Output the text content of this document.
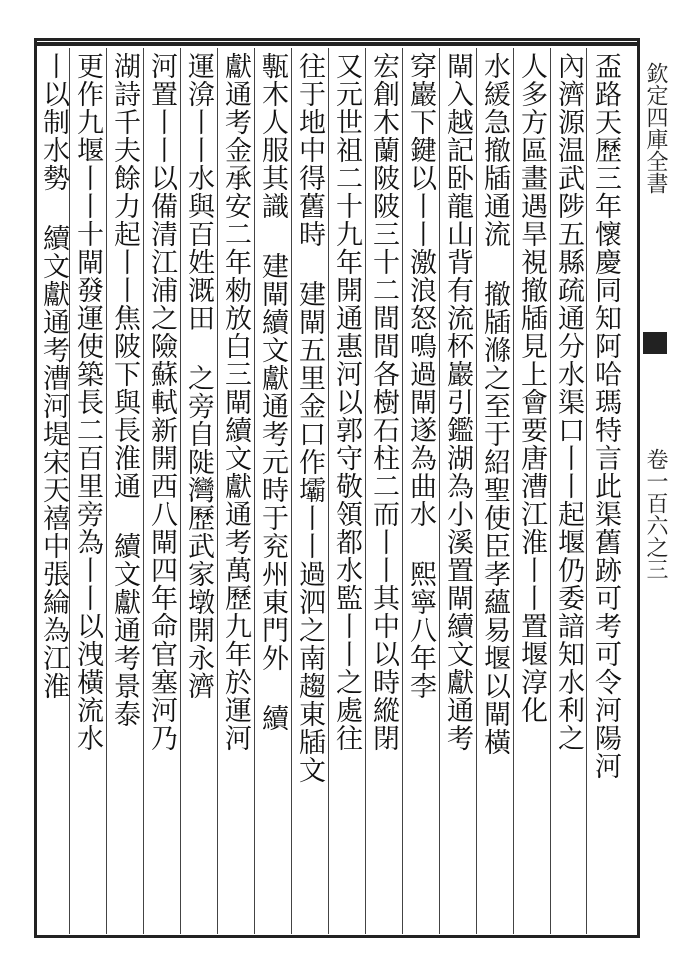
盃路天歷三年懷慶同知阿哈瑪特言此渠舊跡可考可令河陽河
內濟源温武陟五縣疏通分水渠口丨丨起堰仍委諳知水利之
人多方區畫遇旱視撤牐見上會要唐漕江淮丨丨置堰淳化
水緩急撤牐通流 撤牐滌之至于紹聖使臣孝蘊易堰以閘橫
閘入越記卧龍山背有流杯巖引鑑湖為小溪置閘續文獻通考
穿巖下鍵以丨丨激浪怒鳴過閘遂為曲水 熙寧八年李
宏創木蘭陂陂三十二間間各樹石柱二而丨丨其中以時縱閉
又元世祖二十九年開通惠河以郭守敬領都水監丨丨之處往
往于地中得舊時 建閘五里金口作壩丨丨過泗之南趨東牐文
甎木人服其識 建閘續文獻通考元時于兖州東門外 續
獻通考金承安二年勑放白三閘續文獻通考萬歷九年於運河
運渰丨丨水與百姓溉田 之旁自𨺗灣歷武家墩開永濟
河置丨丨以備清江浦之險蘇軾新開西八閘四年命官塞河乃
湖詩千夫餘力起丨丨焦陂下與長淮通 續文獻通考景泰
更作九堰丨丨十閘發運使築長二百里旁為丨丨以洩橫流水
丨以制水勢 續文獻通考漕河堤宋天禧中張綸為江淮	欽定四庫全書
卷一百六之三
